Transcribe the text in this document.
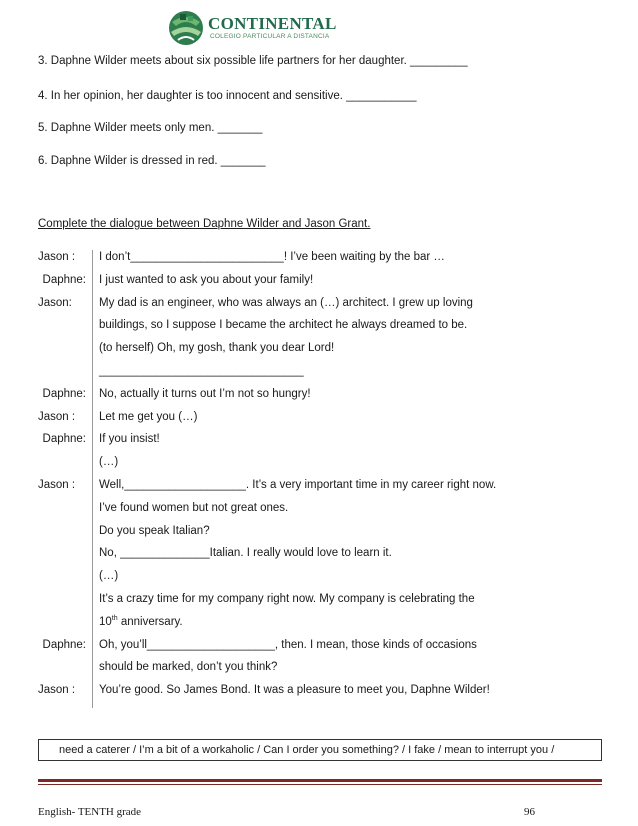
CONTINENTAL
COLEGIO PARTICULAR A DISTANCIA
3. Daphne Wilder meets about six possible life partners for her daughter. _________
4. In her opinion, her daughter is too innocent and sensitive. ___________
5. Daphne Wilder meets only men. _______
6. Daphne Wilder is dressed in red. _______
Complete the dialogue between Daphne Wilder and Jason Grant.
Jason :	I don’t________________________! I’ve been waiting by the bar …
Daphne: I just wanted to ask you about your family!
Jason:	My dad is an engineer, who was always an (…) architect. I grew up loving
buildings, so I suppose I became the architect he always dreamed to be.
(to herself) Oh, my gosh, thank you dear Lord!
________________________________
Daphne: No, actually it turns out I’m not so hungry!
Jason :	Let me get you (…)
Daphne: If you insist!
(…)
Jason :	Well,___________________. It’s a very important time in my career right now.
I’ve found women but not great ones.
Do you speak Italian?
No, ______________Italian. I really would love to learn it.
(…)
It’s a crazy time for my company right now. My company is celebrating the
10th anniversary.
Daphne: Oh, you’ll____________________, then. I mean, those kinds of occasions
should be marked, don’t you think?
Jason :	You’re good. So James Bond. It was a pleasure to meet you, Daphne Wilder!
need a caterer / I’m a bit of a workaholic / Can I order you something? / I fake / mean to interrupt you /
English- TENTH grade	96
